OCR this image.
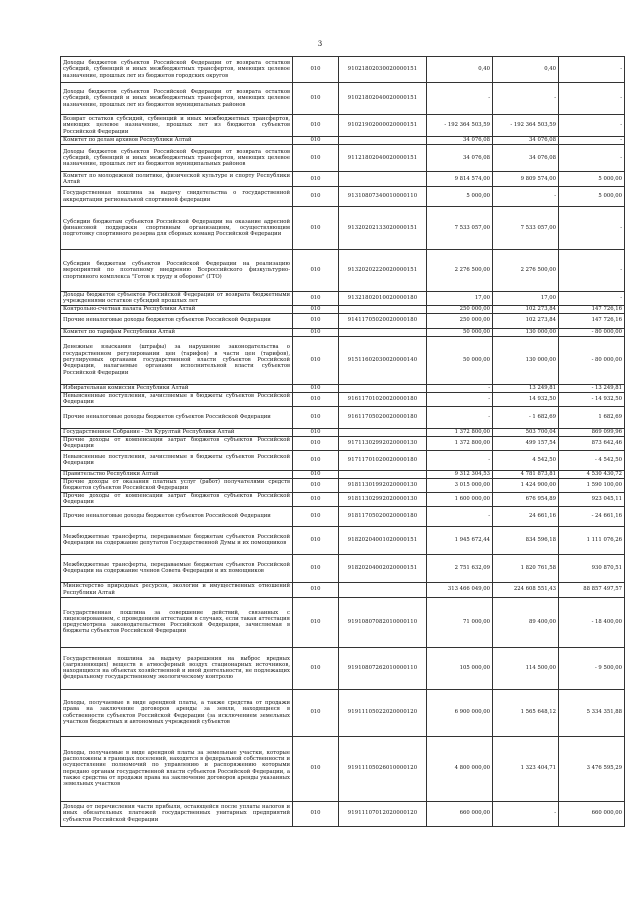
3
Доходы бюджетов субъектов Российской Федерации от возврата остатков субсидий, субвенций и иных межбюджетных трансфертов, имеющих целевое назначение, прошлых лет из бюджетов городских округов	010	91021802030020000151	0,40	0,40	-
Доходы бюджетов субъектов Российской Федерации от возврата остатков субсидий, субвенций и иных межбюджетных трансфертов, имеющих целевое назначение, прошлых лет из бюджетов муниципальных районов	010	91021802040020000151	-	-	-
Возврат остатков субсидий, субвенций и иных межбюджетных трансфертов, имеющих целевое назначение, прошлых лет из бюджетов субъектов Российской Федерации	010	91021902000020000151	- 192 364 503,59	- 192 364 503,59	-
Комитет по делам архивов Республики Алтай	010		34 076,08	34 076,08	-
Доходы бюджетов субъектов Российской Федерации от возврата остатков субсидий, субвенций и иных межбюджетных трансфертов, имеющих целевое назначение, прошлых лет из бюджетов муниципальных районов	010	91121802040020000151	34 076,08	34 076,08	-
Комитет по молодежной политике, физической культуре и спорту Республики Алтай	010		9 814 574,00	9 809 574,00	5 000,00
Государственная пошлина за выдачу свидетельства о государственной аккредитации региональной спортивной федерации	010	91310807340010000110	5 000,00	-	5 000,00
Субсидии бюджетам субъектов Российской Федерации на оказание адресной финансовой поддержки спортивным организациям, осуществляющим подготовку спортивного резерва для сборных команд Российской Федерации	010	91320202133020000151	7 533 057,00	7 533 057,00	-
Субсидии бюджетам субъектов Российской Федерации на реализацию мероприятий по поэтапному внедрению Всероссийского физкультурно-спортивного комплекса "Готов к труду и обороне" (ГТО)	010	91320202220020000151	2 276 500,00	2 276 500,00	-
Доходы бюджетов субъектов Российской Федерации от возврата бюджетными учреждениями остатков субсидий прошлых лет	010	91321802010020000180	17,00	17,00	-
Контрольно-счетная палата Республики Алтай	010		250 000,00	102 273,84	147 726,16
Прочие неналоговые доходы бюджетов субъектов Российской Федерации	010	91411705020020000180	250 000,00	102 273,84	147 726,16
Комитет по тарифам Республики Алтай	010		50 000,00	130 000,00	- 80 000,00
Денежные взыскания (штрафы) за нарушение законодательства о государственном регулировании цен (тарифов) в части цен (тарифов), регулируемых органами государственной власти субъектов Российской Федерации, налагаемые органами исполнительной власти субъектов Российской Федерации	010	91511602030020000140	50 000,00	130 000,00	- 80 000,00
Избирательная комиссия Республики Алтай	010		-	13 249,81	- 13 249,81
Невыясненные поступления, зачисляемые в бюджеты субъектов Российской Федерации	010	91611701020020000180	-	14 932,50	- 14 932,50
Прочие неналоговые доходы бюджетов субъектов Российской Федерации	010	91611705020020000180	-	- 1 682,69	1 682,69
Государственное Собрание - Эл Курултай Республики Алтай	010		1 372 800,00	503 700,04	869 099,96
Прочие доходы от компенсации затрат бюджетов субъектов Российской Федерации	010	91711302992020000130	1 372 800,00	499 157,54	873 642,46
Невыясненные поступления, зачисляемые в бюджеты субъектов Российской Федерации	010	91711701020020000180	-	4 542,50	- 4 542,50
Правительство Республики Алтай	010		9 312 304,53	4 781 873,81	4 530 430,72
Прочие доходы от оказания платных услуг (работ) получателями средств бюджетов субъектов Российской Федерации	010	91811301992020000130	3 015 000,00	1 424 900,00	1 590 100,00
Прочие доходы от компенсации затрат бюджетов субъектов Российской Федерации	010	91811302992020000130	1 600 000,00	676 954,89	923 045,11
Прочие неналоговые доходы бюджетов субъектов Российской Федерации	010	91811705020020000180	-	24 661,16	- 24 661,16
Межбюджетные трансферты, передаваемые бюджетам субъектов Российской Федерации на содержание депутатов Государственной Думы и их помощников	010	91820204001020000151	1 945 672,44	834 596,18	1 111 076,26
Межбюджетные трансферты, передаваемые бюджетам субъектов Российской Федерации на содержание членов Совета Федерации и их помощников	010	91820204002020000151	2 751 632,09	1 820 761,58	930 870,51
Министерство природных ресурсов, экологии и имущественных отношений Республики Алтай	010		313 466 049,00	224 608 551,43	88 857 497,57
Государственная пошлина за совершение действий, связанных с лицензированием, с проведением аттестации в случаях, если такая аттестация предусмотрена законодательством Российской Федерации, зачисляемая в бюджеты субъектов Российской Федерации	010	91910807082010000110	71 000,00	89 400,00	- 18 400,00
Государственная пошлина за выдачу разрешения на выброс вредных (загрязняющих) веществ в атмосферный воздух стационарных источников, находящихся на объектах хозяйственной и иной деятельности, не подлежащих федеральному государственному экологическому контролю	010	91910807262010000110	105 000,00	114 500,00	- 9 500,00
Доходы, получаемые в виде арендной платы, а также средства от продажи права на заключение договоров аренды за земли, находящиеся в собственности субъектов Российской Федерации (за исключением земельных участков бюджетных и автономных учреждений субъектов	010	91911105022020000120	6 900 000,00	1 565 648,12	5 334 351,88
Доходы, получаемые в виде арендной платы за земельные участки, которые расположены в границах поселений, находятся в федеральной собственности и осуществление полномочий по управлению и распоряжению которыми передано органам государственной власти субъектов Российской Федерации, а также средства от продажи права на заключение договоров аренды указанных земельных участков	010	91911105026010000120	4 800 000,00	1 323 404,71	3 476 595,29
Доходы от перечисления части прибыли, остающейся после уплаты налогов и иных обязательных платежей государственных унитарных предприятий субъектов Российской Федерации	010	91911107012020000120	660 000,00	-	660 000,00
